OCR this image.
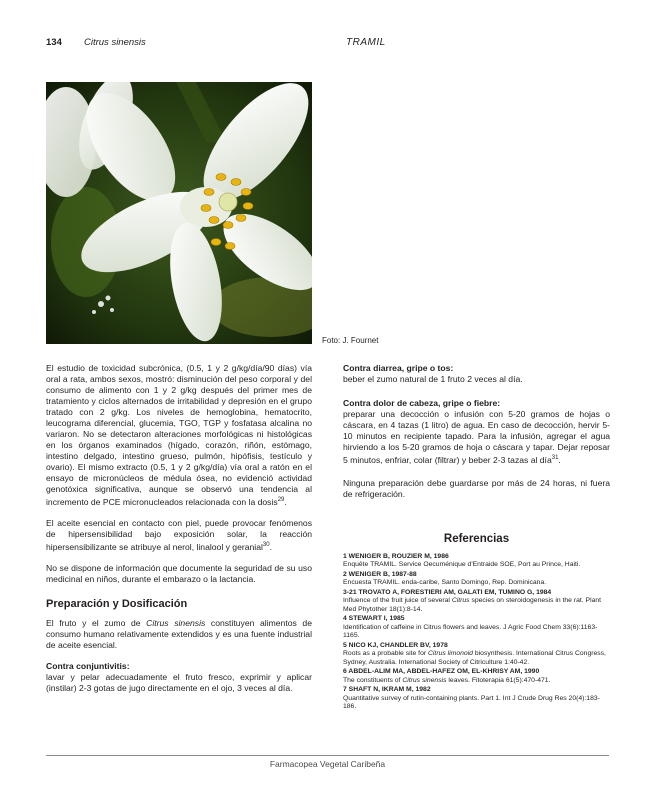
134 Citrus sinensis	TRAMIL
Foto: J. Fournet

El estudio de toxicidad subcrónica, (0.5, 1 y 2 g/kg/día/90 días) vía oral a rata, ambos sexos, mostró: disminución del peso corporal y del consumo de alimento con 1 y 2 g/kg después del primer mes de tratamiento y ciclos alternados de irritabilidad y depresión en el grupo tratado con 2 g/kg. Los niveles de hemoglobina, hematocrito, leucograma diferencial, glucemia, TGO, TGP y fosfatasa alcalina no variaron. No se detectaron alteraciones morfológicas ni histológicas en los órganos examinados (hígado, corazón, riñón, estómago, intestino delgado, intestino grueso, pulmón, hipófisis, testículo y ovario). El mismo extracto (0.5, 1 y 2 g/kg/día) vía oral a ratón en el ensayo de micronúcleos de médula ósea, no evidenció actividad genotóxica significativa, aunque se observó una tendencia al incremento de PCE micronucleados relacionada con la dosis$^{29}$.

El aceite esencial en contacto con piel, puede provocar fenómenos de hipersensibilidad bajo exposición solar, la reacción hipersensibilizante se atribuye al nerol, linalool y geranial$^{30}$.

No se dispone de información que documente la seguridad de su uso medicinal en niños, durante el embarazo o la lactancia.

Preparación y Dosificación

El fruto y el zumo de Citrus sinensis constituyen alimentos de consumo humano relativamente extendidos y es una fuente industrial de aceite esencial.

Contra conjuntivitis:

lavar y pelar adecuadamente el fruto fresco, exprimir y aplicar (instilar) 2-3 gotas de jugo directamente en el ojo, 3 veces al día.

Contra diarrea, gripe o tos:

beber el zumo natural de 1 fruto 2 veces al día.

Contra dolor de cabeza, gripe o fiebre:

preparar una decocción o infusión con 5-20 gramos de hojas o cáscara, en 4 tazas (1 litro) de agua. En caso de decocción, hervir 5-10 minutos en recipiente tapado. Para la infusión, agregar el agua hirviendo a los 5-20 gramos de hoja o cáscara y tapar. Dejar reposar 5 minutos, enfriar, colar (filtrar) y beber 2-3 tazas al día$^{31}$.

Ninguna preparación debe guardarse por más de 24 horas, ni fuera de refrigeración.

Referencias
1 WENIGER B, ROUZIER M, 1986
Enquête TRAMIL. Service Oecuménique d'Entraide SOE, Port au Prince, Haiti.
2 WENIGER B, 1987-88
Encuesta TRAMIL. enda-caribe, Santo Domingo, Rep. Dominicana.
3-21 TROVATO A, FORESTIERI AM, GALATI EM, TUMINO G, 1984
Influence of the fruit juice of several Citrus species on steroidogenesis in the rat. Plant Med Phytother 18(1):8-14.
4 STEWART I, 1985
Identification of caffeine in Citrus flowers and leaves. J Agric Food Chem 33(6):1163-1165.
5 NICO KJ, CHANDLER BV, 1978
Roots as a probable site for Citrus limonoid biosynthesis. International Citrus Congress, Sydney, Australia. International Society of Citriculture 1:40-42.
6 ABDEL-ALIM MA, ABDEL-HAFEZ OM, EL-KHRISY AM, 1990
The constituents of Citrus sinensis leaves. Fitoterapia 61(5):470-471.
7 SHAFT N, IKRAM M, 1982
Quantitative survey of rutin-containing plants. Part 1. Int J Crude Drug Res 20(4):183-186.
Farmacopea Vegetal Caribeña
